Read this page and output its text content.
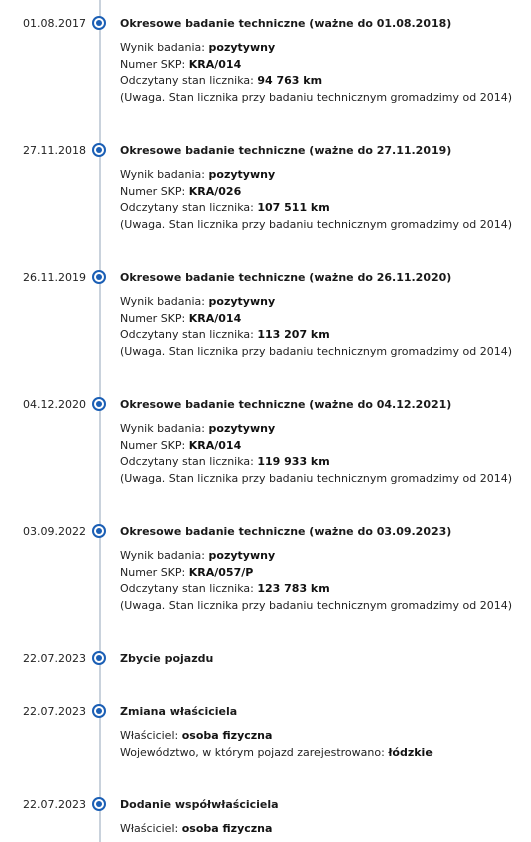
01.08.2017	Okresowe badanie techniczne (ważne do 01.08.2018)
Wynik badania: pozytywny
Numer SKP: KRA/014
Odczytany stan licznika: 94 763 km
(Uwaga. Stan licznika przy badaniu technicznym gromadzimy od 2014)
27.11.2018	Okresowe badanie techniczne (ważne do 27.11.2019)
Wynik badania: pozytywny
Numer SKP: KRA/026
Odczytany stan licznika: 107 511 km
(Uwaga. Stan licznika przy badaniu technicznym gromadzimy od 2014)
26.11.2019	Okresowe badanie techniczne (ważne do 26.11.2020)
Wynik badania: pozytywny
Numer SKP: KRA/014
Odczytany stan licznika: 113 207 km
(Uwaga. Stan licznika przy badaniu technicznym gromadzimy od 2014)
04.12.2020	Okresowe badanie techniczne (ważne do 04.12.2021)
Wynik badania: pozytywny
Numer SKP: KRA/014
Odczytany stan licznika: 119 933 km
(Uwaga. Stan licznika przy badaniu technicznym gromadzimy od 2014)
03.09.2022	Okresowe badanie techniczne (ważne do 03.09.2023)
Wynik badania: pozytywny
Numer SKP: KRA/057/P
Odczytany stan licznika: 123 783 km
(Uwaga. Stan licznika przy badaniu technicznym gromadzimy od 2014)
22.07.2023	Zbycie pojazdu
22.07.2023	Zmiana właściciela
Właściciel: osoba fizyczna
Województwo, w którym pojazd zarejestrowano: łódzkie
22.07.2023	Dodanie współwłaściciela
Właściciel: osoba fizyczna
